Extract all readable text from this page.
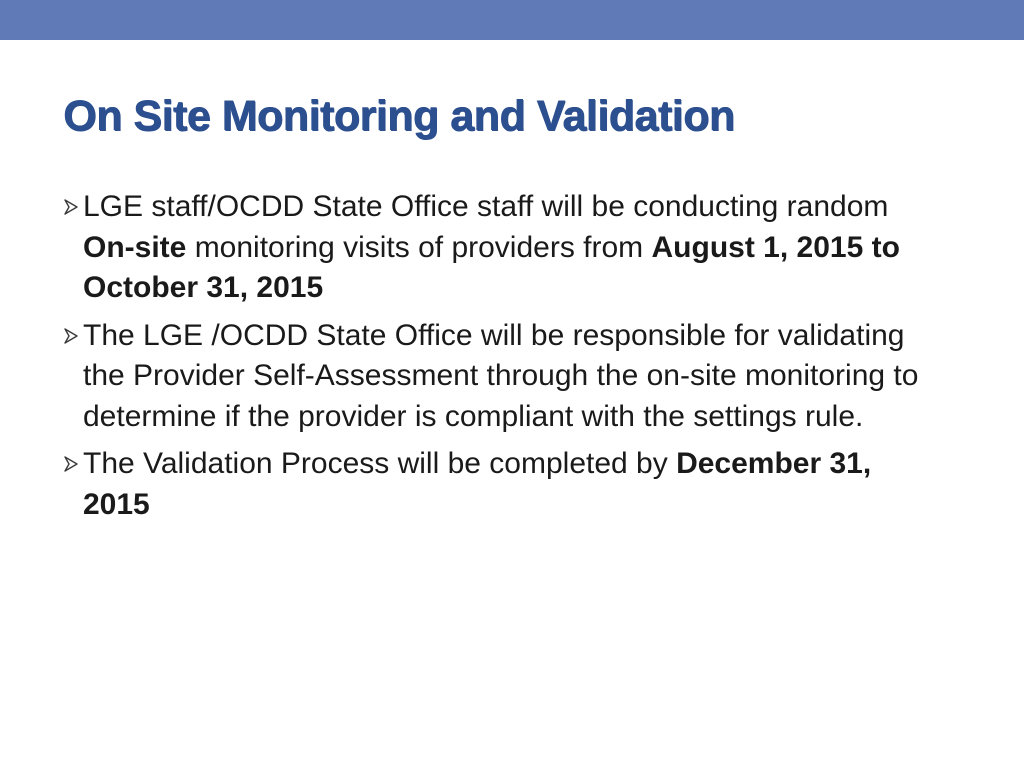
On Site Monitoring and Validation
LGE staff/OCDD State Office staff will be conducting random On-site monitoring visits of providers from August 1, 2015 to October 31, 2015
The LGE /OCDD State Office will be responsible for validating the Provider Self-Assessment through the on-site monitoring to determine if the provider is compliant with the settings rule.
The Validation Process will be completed by December 31, 2015
